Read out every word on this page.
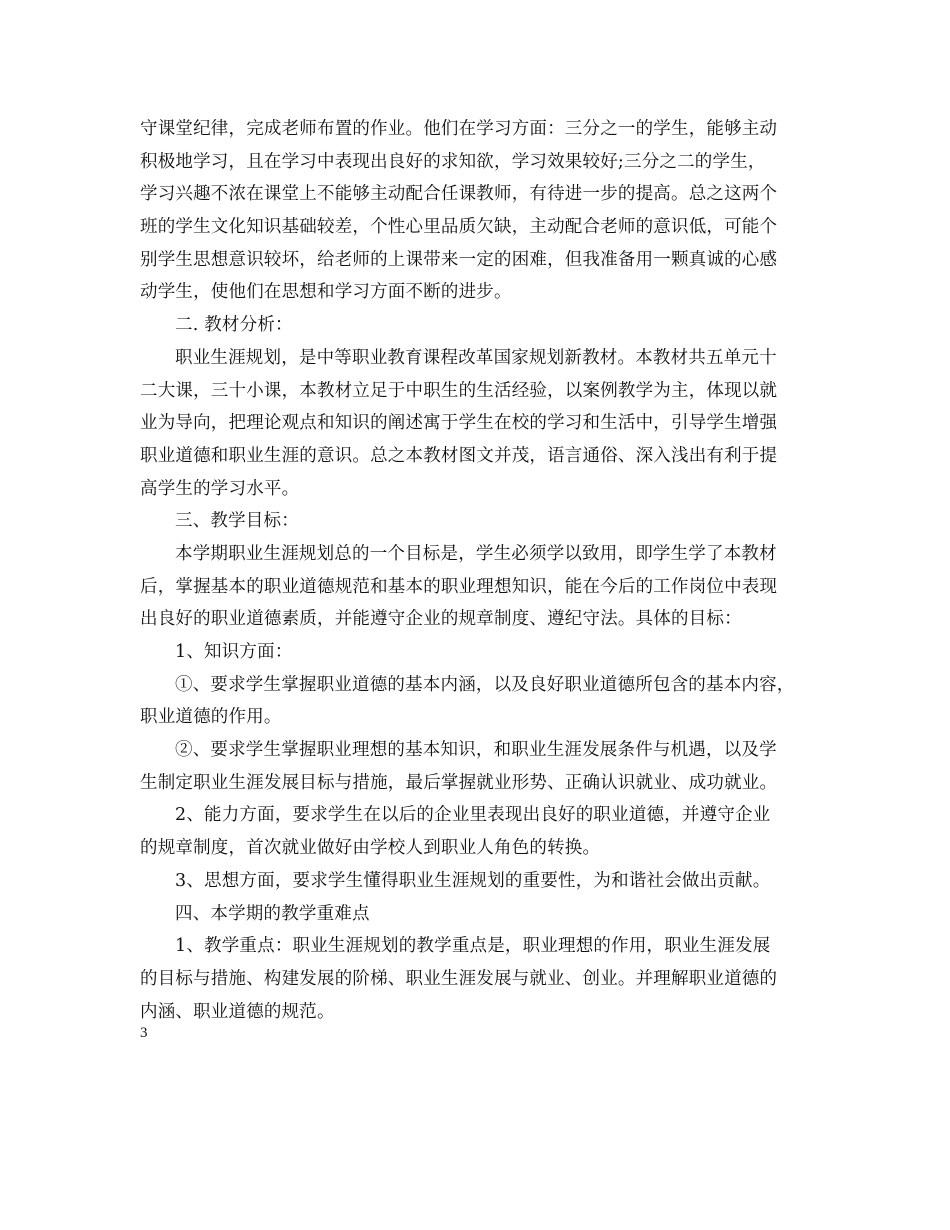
守课堂纪律，完成老师布置的作业。他们在学习方面：三分之一的学生，能够主动
积极地学习，且在学习中表现出良好的求知欲，学习效果较好;三分之二的学生，
学习兴趣不浓在课堂上不能够主动配合任课教师，有待进一步的提高。总之这两个
班的学生文化知识基础较差，个性心里品质欠缺，主动配合老师的意识低，可能个
别学生思想意识较坏，给老师的上课带来一定的困难，但我准备用一颗真诚的心感
动学生，使他们在思想和学习方面不断的进步。
二. 教材分析：
职业生涯规划，是中等职业教育课程改革国家规划新教材。本教材共五单元十
二大课，三十小课，本教材立足于中职生的生活经验，以案例教学为主，体现以就
业为导向，把理论观点和知识的阐述寓于学生在校的学习和生活中，引导学生增强
职业道德和职业生涯的意识。总之本教材图文并茂，语言通俗、深入浅出有利于提
高学生的学习水平。
三、教学目标：
本学期职业生涯规划总的一个目标是，学生必须学以致用，即学生学了本教材
后，掌握基本的职业道德规范和基本的职业理想知识，能在今后的工作岗位中表现
出良好的职业道德素质，并能遵守企业的规章制度、遵纪守法。具体的目标：
1、知识方面：
①、要求学生掌握职业道德的基本内涵，以及良好职业道德所包含的基本内容，
职业道德的作用。
②、要求学生掌握职业理想的基本知识，和职业生涯发展条件与机遇，以及学
生制定职业生涯发展目标与措施，最后掌握就业形势、正确认识就业、成功就业。
2、能力方面，要求学生在以后的企业里表现出良好的职业道德，并遵守企业
的规章制度，首次就业做好由学校人到职业人角色的转换。
3、思想方面，要求学生懂得职业生涯规划的重要性，为和谐社会做出贡献。
四、本学期的教学重难点
1、教学重点：职业生涯规划的教学重点是，职业理想的作用，职业生涯发展
的目标与措施、构建发展的阶梯、职业生涯发展与就业、创业。并理解职业道德的
内涵、职业道德的规范。
3
